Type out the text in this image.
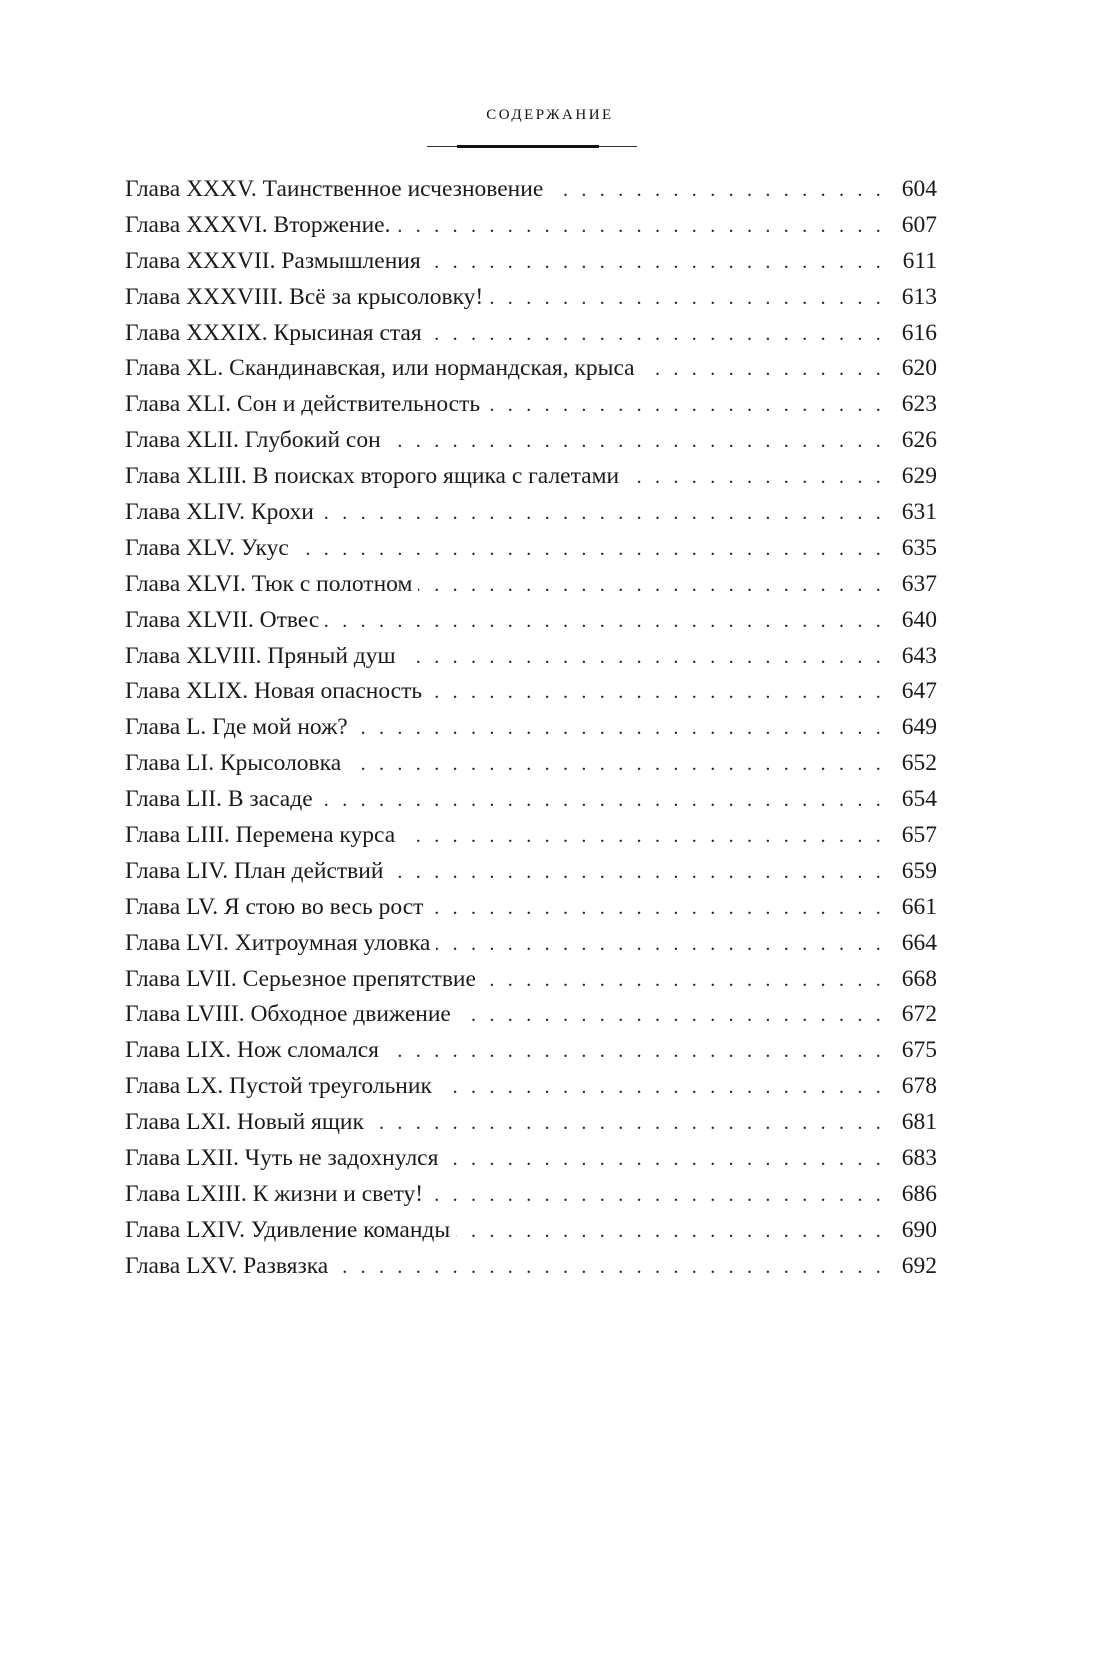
СОДЕРЖАНИЕ
Глава XXXV. Таинственное исчезновение . . .	604
Глава XXXVI. Вторжение. . . .	607
Глава XXXVII. Размышления . . .	611
Глава XXXVIII. Всё за крысоловку! . . .	613
Глава XXXIX. Крысиная стая . . .	616
Глава XL. Скандинавская, или нормандская, крыса . . .	620
Глава XLI. Сон и действительность . . .	623
Глава XLII. Глубокий сон . . .	626
Глава XLIII. В поисках второго ящика с галетами . . .	629
Глава XLIV. Крохи . . .	631
Глава XLV. Укус . . .	635
Глава XLVI. Тюк с полотном . . .	637
Глава XLVII. Отвес . . .	640
Глава XLVIII. Пряный душ . . .	643
Глава XLIX. Новая опасность . . .	647
Глава L. Где мой нож? . . .	649
Глава LI. Крысоловка . . .	652
Глава LII. В засаде . . .	654
Глава LIII. Перемена курса . . .	657
Глава LIV. План действий . . .	659
Глава LV. Я стою во весь рост . . .	661
Глава LVI. Хитроумная уловка . . .	664
Глава LVII. Серьезное препятствие . . .	668
Глава LVIII. Обходное движение . . .	672
Глава LIX. Нож сломался . . .	675
Глава LX. Пустой треугольник . . .	678
Глава LXI. Новый ящик . . .	681
Глава LXII. Чуть не задохнулся . . .	683
Глава LXIII. К жизни и свету! . . .	686
Глава LXIV. Удивление команды . . .	690
Глава LXV. Развязка . . .	692
